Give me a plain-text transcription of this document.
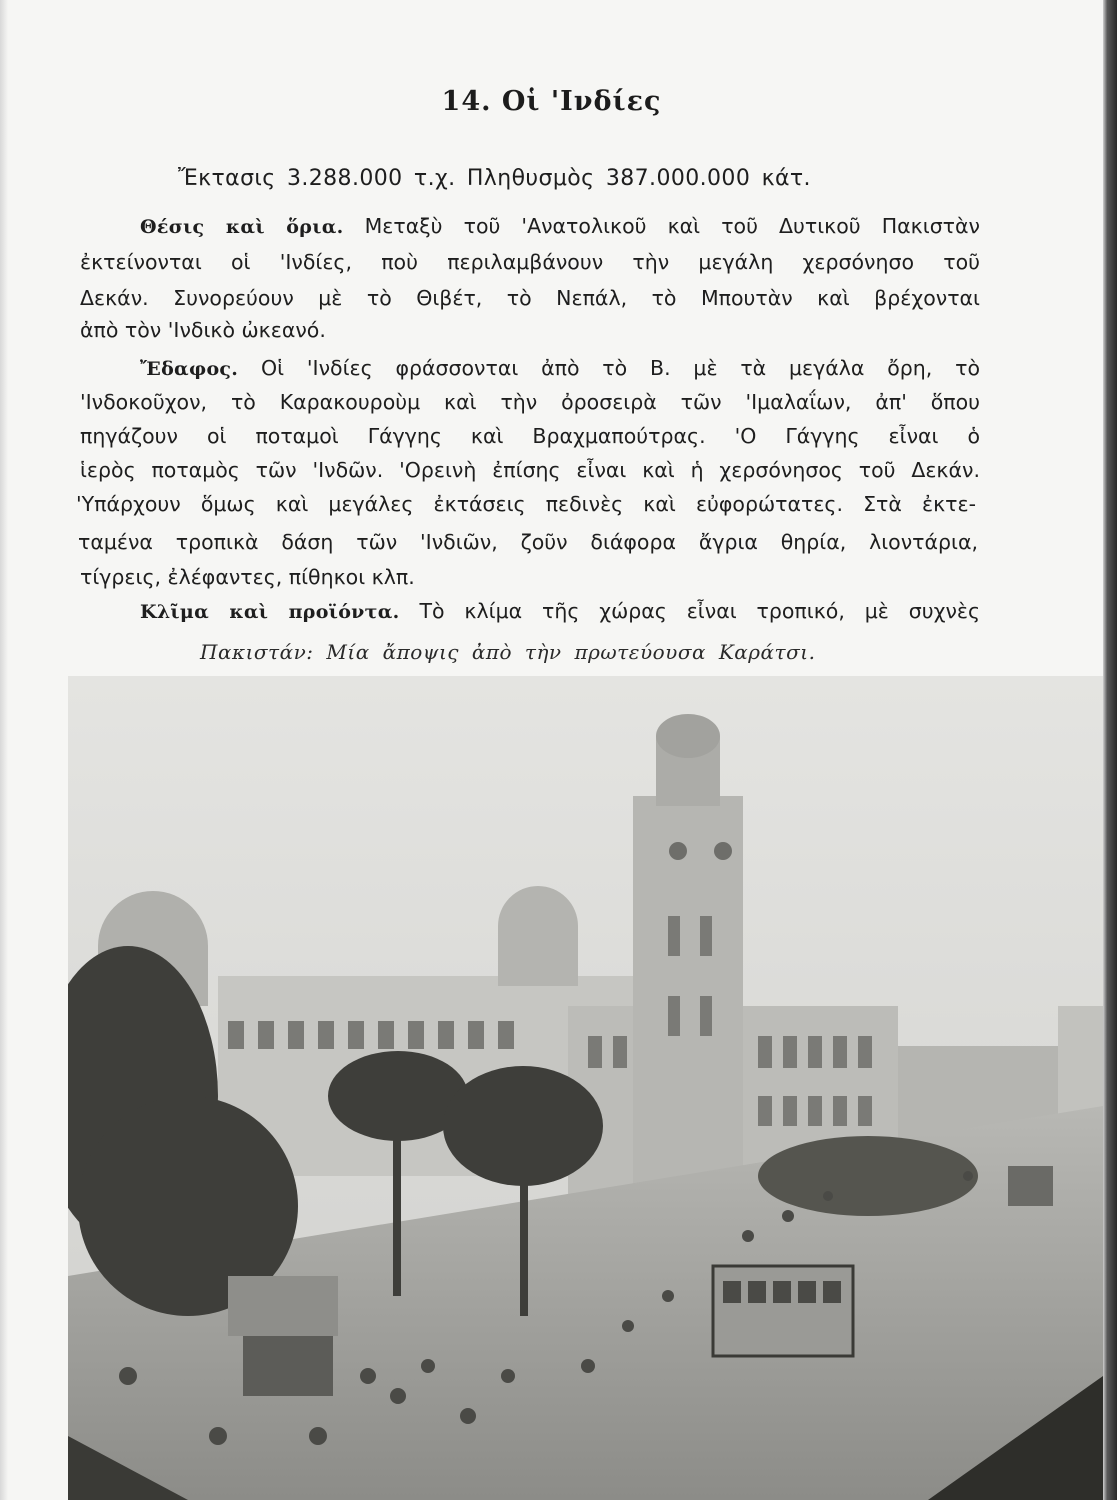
14. Οἱ 'Ινδίες
Ἔκτασις 3.288.000 τ.χ. Πληθυσμὸς 387.000.000 κάτ.
Θέσις καὶ ὅρια. Μεταξὺ τοῦ 'Ανατολικοῦ καὶ τοῦ Δυτικοῦ Πακιστὰν
ἐκτείνονται οἱ 'Ινδίες, ποὺ περιλαμβάνουν τὴν μεγάλη χερσόνησο τοῦ
Δεκάν. Συνορεύουν μὲ τὸ Θιβέτ, τὸ Νεπάλ, τὸ Μπουτὰν καὶ βρέχονται
ἀπὸ τὸν 'Ινδικὸ ὠκεανό.
Ἔδαφος. Οἱ 'Ινδίες φράσσονται ἀπὸ τὸ Β. μὲ τὰ μεγάλα ὄρη, τὸ
'Ινδοκοῦχον, τὸ Καρακουροὺμ καὶ τὴν ὀροσειρὰ τῶν 'Ιμαλαΐων, ἀπ' ὅπου
πηγάζουν οἱ ποταμοὶ Γάγγης καὶ Βραχμαπούτρας. 'Ο Γάγγης εἶναι ὁ
ἱερὸς ποταμὸς τῶν 'Ινδῶν. 'Ορεινὴ ἐπίσης εἶναι καὶ ἡ χερσόνησος τοῦ Δεκάν.
'Υπάρχουν ὅμως καὶ μεγάλες ἐκτάσεις πεδινὲς καὶ εὐφορώτατες. Στὰ ἐκτε-
ταμένα τροπικὰ δάση τῶν 'Ινδιῶν, ζοῦν διάφορα ἄγρια θηρία, λιοντάρια,
τίγρεις, ἐλέφαντες, πίθηκοι κλπ.
Κλῖμα καὶ προϊόντα. Τὸ κλίμα τῆς χώρας εἶναι τροπικό, μὲ συχνὲς
Πακιστάν: Μία ἄποψις ἀπὸ τὴν πρωτεύουσα Καράτσι.
